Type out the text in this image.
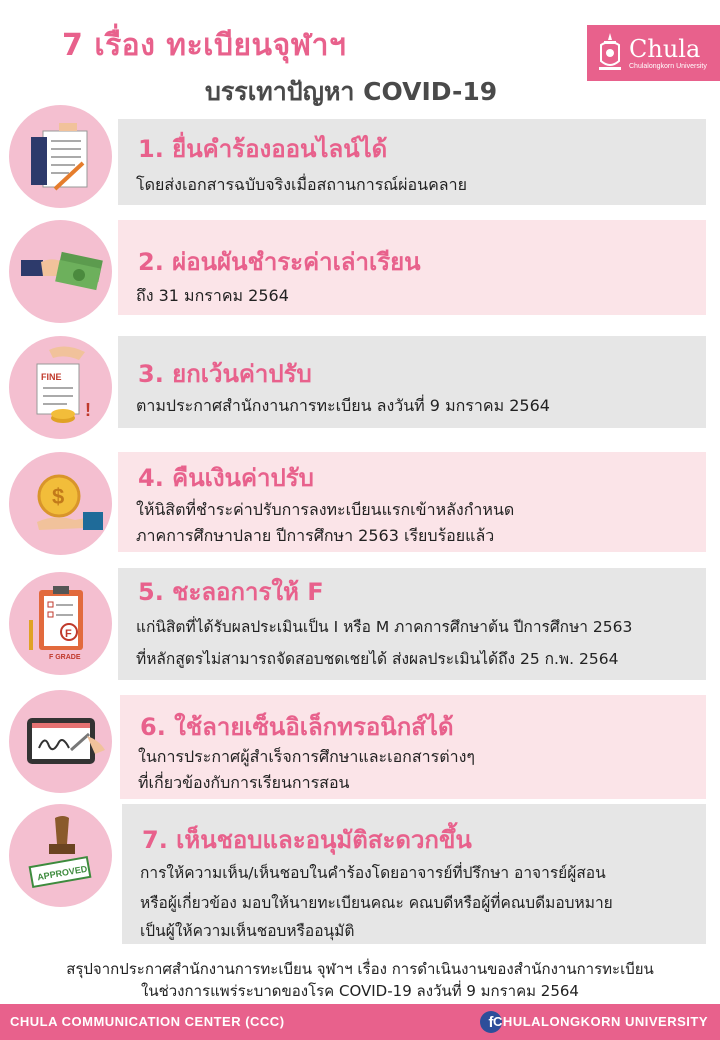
7 เรื่อง ทะเบียนจุฬาฯ
บรรเทาปัญหา COVID-19
Chula
Chulalongkorn University
1. ยื่นคำร้องออนไลน์ได้
โดยส่งเอกสารฉบับจริงเมื่อสถานการณ์ผ่อนคลาย
2. ผ่อนผันชำระค่าเล่าเรียน
ถึง 31 มกราคม 2564
FINE
!
3. ยกเว้นค่าปรับ
ตามประกาศสำนักงานการทะเบียน ลงวันที่ 9 มกราคม 2564
$
4. คืนเงินค่าปรับ
ให้นิสิตที่ชำระค่าปรับการลงทะเบียนแรกเข้าหลังกำหนด
ภาคการศึกษาปลาย ปีการศึกษา 2563 เรียบร้อยแล้ว
F
F GRADE
5. ชะลอการให้ F
แก่นิสิตที่ได้รับผลประเมินเป็น I หรือ M ภาคการศึกษาต้น ปีการศึกษา 2563
ที่หลักสูตรไม่สามารถจัดสอบชดเชยได้ ส่งผลประเมินได้ถึง 25 ก.พ. 2564
6. ใช้ลายเซ็นอิเล็กทรอนิกส์ได้
ในการประกาศผู้สำเร็จการศึกษาและเอกสารต่างๆ
ที่เกี่ยวข้องกับการเรียนการสอน
APPROVED
7. เห็นชอบและอนุมัติสะดวกขึ้น
การให้ความเห็น/เห็นชอบในคำร้องโดยอาจารย์ที่ปรึกษา อาจารย์ผู้สอน
หรือผู้เกี่ยวข้อง มอบให้นายทะเบียนคณะ คณบดีหรือผู้ที่คณบดีมอบหมาย
เป็นผู้ให้ความเห็นชอบหรืออนุมัติ
สรุปจากประกาศสำนักงานการทะเบียน จุฬาฯ เรื่อง การดำเนินงานของสำนักงานการทะเบียน
ในช่วงการแพร่ระบาดของโรค COVID-19 ลงวันที่ 9 มกราคม 2564
CHULA COMMUNICATION CENTER (CCC)	f CHULALONGKORN UNIVERSITY
